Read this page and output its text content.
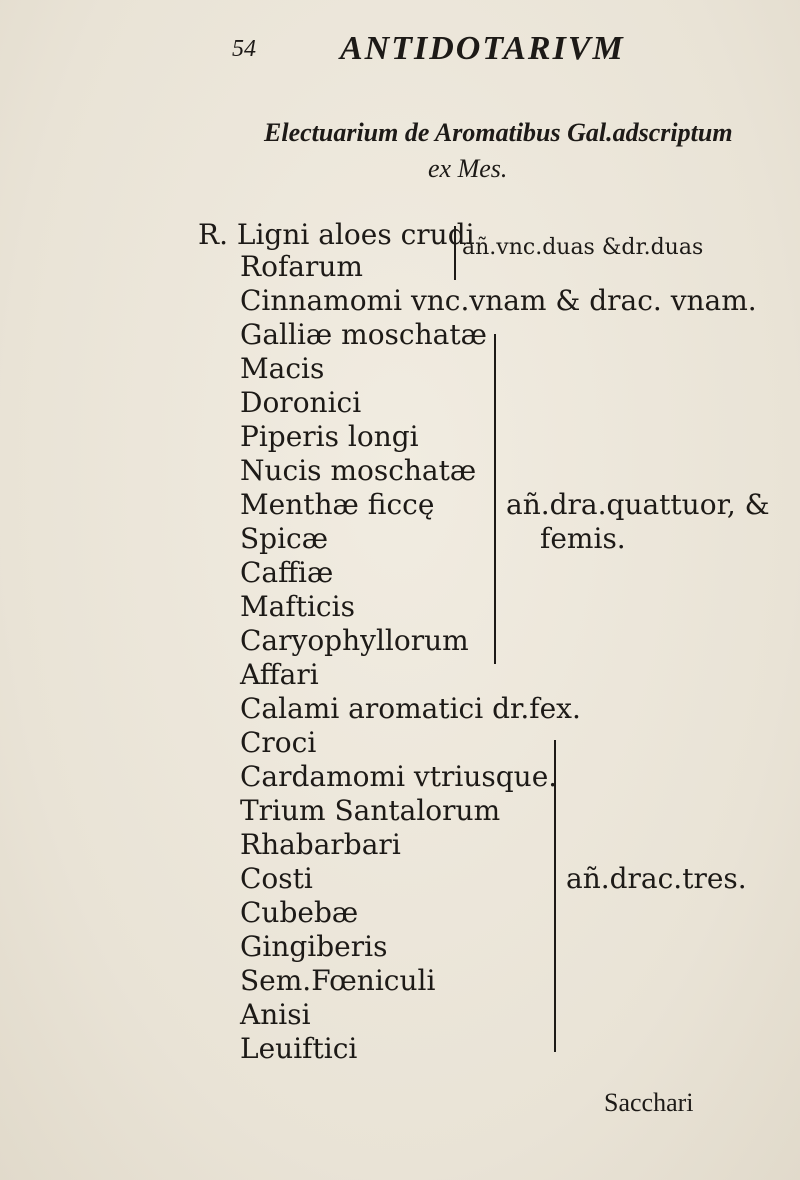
54 ANTIDOTARIVM
Electuarium de Aromatibus Gal.adscriptum
ex Mes.
R. Ligni aloes crudi
Rofarum
añ.vnc.duas &dr.duas
Cinnamomi vnc.vnam & drac. vnam.
Galliæ moschatæ
Macis
Doronici
Piperis longi
Nucis moschatæ
Menthæ ficcę
Spicæ
Caffiæ
Mafticis
Caryophyllorum
Affari
añ.dra.quattuor, &
femis.
Calami aromatici dr.fex.
Croci
Cardamomi vtriusque.
Trium Santalorum
Rhabarbari
Costi
Cubebæ
Gingiberis
Sem.Fœniculi
Anisi
Leuiftici
añ.drac.tres.
Sacchari
